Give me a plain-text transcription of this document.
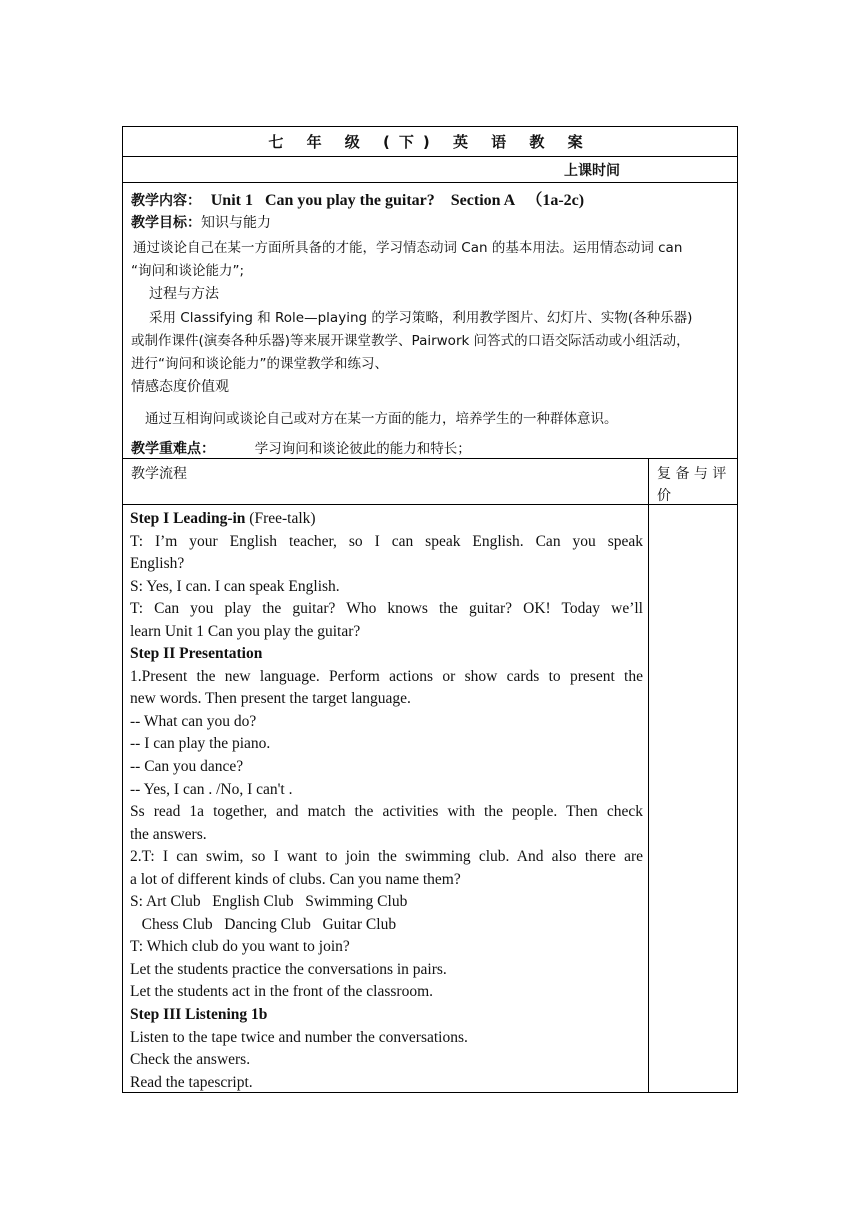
七 年 级 (下) 英 语 教 案
上课时间
教学内容： Unit 1   Can you play the guitar?    Section A   （1a-2c)
教学目标：知识与能力
通过谈论自己在某一方面所具备的才能，学习情态动词 Can 的基本用法。运用情态动词 can
“询问和谈论能力”;
过程与方法
采用 Classifying 和 Role—playing 的学习策略，利用教学图片、幻灯片、实物(各种乐器)
或制作课件(演奏各种乐器)等来展开课堂教学、Pairwork 问答式的口语交际活动或小组活动，
进行“询问和谈论能力”的课堂教学和练习、
情感态度价值观
通过互相询问或谈论自己或对方在某一方面的能力，培养学生的一种群体意识。
教学重难点：	学习询问和谈论彼此的能力和特长；
教学流程	复 备 与 评
价
Step I Leading-in (Free-talk)
T: I’m your English teacher, so I can speak English. Can you speak
English?
S: Yes, I can. I can speak English.
T: Can you play the guitar? Who knows the guitar? OK! Today we’ll
learn Unit 1 Can you play the guitar?
Step II Presentation
1.Present the new language. Perform actions or show cards to present the
new words. Then present the target language.
-- What can you do?
-- I can play the piano.
-- Can you dance?
-- Yes, I can . /No, I can't .
Ss read 1a together, and match the activities with the people. Then check
the answers.
2.T: I can swim, so I want to join the swimming club. And also there are
a lot of different kinds of clubs. Can you name them?
S: Art Club   English Club   Swimming Club
Chess Club   Dancing Club   Guitar Club
T: Which club do you want to join?
Let the students practice the conversations in pairs.
Let the students act in the front of the classroom.
Step III Listening 1b
Listen to the tape twice and number the conversations.
Check the answers.
Read the tapescript.
